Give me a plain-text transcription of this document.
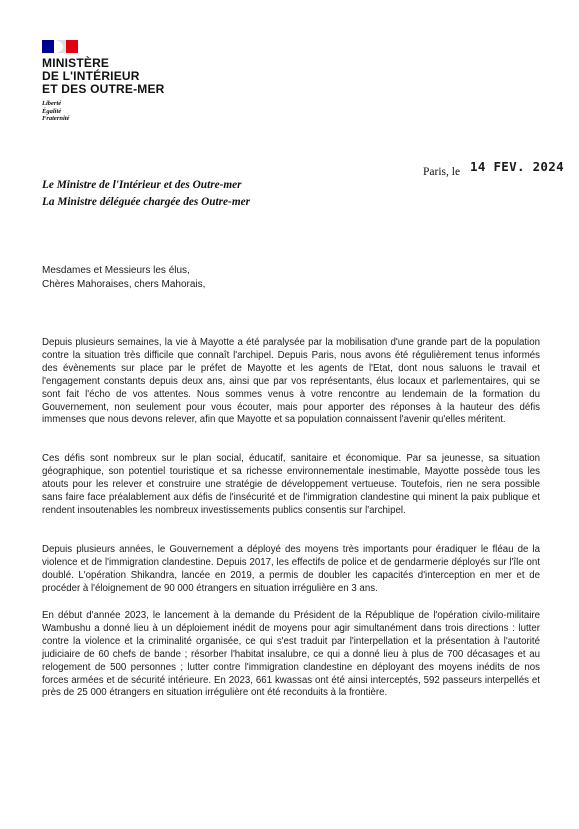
MINISTÈRE
DE L'INTÉRIEUR
ET DES OUTRE-MER
Liberté
Égalité
Fraternité
Paris, le 14 FEV. 2024
Le Ministre de l'Intérieur et des Outre-mer
La Ministre déléguée chargée des Outre-mer
Mesdames et Messieurs les élus,
Chères Mahoraises, chers Mahorais,
Depuis plusieurs semaines, la vie à Mayotte a été paralysée par la mobilisation d'une grande part de la population contre la situation très difficile que connaît l'archipel. Depuis Paris, nous avons été régulièrement tenus informés des évènements sur place par le préfet de Mayotte et les agents de l'Etat, dont nous saluons le travail et l'engagement constants depuis deux ans, ainsi que par vos représentants, élus locaux et parlementaires, qui se sont fait l'écho de vos attentes. Nous sommes venus à votre rencontre au lendemain de la formation du Gouvernement, non seulement pour vous écouter, mais pour apporter des réponses à la hauteur des défis immenses que nous devons relever, afin que Mayotte et sa population connaissent l'avenir qu'elles méritent.
Ces défis sont nombreux sur le plan social, éducatif, sanitaire et économique. Par sa jeunesse, sa situation géographique, son potentiel touristique et sa richesse environnementale inestimable, Mayotte possède tous les atouts pour les relever et construire une stratégie de développement vertueuse. Toutefois, rien ne sera possible sans faire face préalablement aux défis de l'insécurité et de l'immigration clandestine qui minent la paix publique et rendent insoutenables les nombreux investissements publics consentis sur l'archipel.
Depuis plusieurs années, le Gouvernement a déployé des moyens très importants pour éradiquer le fléau de la violence et de l'immigration clandestine. Depuis 2017, les effectifs de police et de gendarmerie déployés sur l'île ont doublé. L'opération Shikandra, lancée en 2019, a permis de doubler les capacités d'interception en mer et de procéder à l'éloignement de 90 000 étrangers en situation irrégulière en 3 ans.
En début d'année 2023, le lancement à la demande du Président de la République de l'opération civilo-militaire Wambushu a donné lieu à un déploiement inédit de moyens pour agir simultanément dans trois directions : lutter contre la violence et la criminalité organisée, ce qui s'est traduit par l'interpellation et la présentation à l'autorité judiciaire de 60 chefs de bande ; résorber l'habitat insalubre, ce qui a donné lieu à plus de 700 décasages et au relogement de 500 personnes ; lutter contre l'immigration clandestine en déployant des moyens inédits de nos forces armées et de sécurité intérieure. En 2023, 661 kwassas ont été ainsi interceptés, 592 passeurs interpellés et près de 25 000 étrangers en situation irrégulière ont été reconduits à la frontière.
